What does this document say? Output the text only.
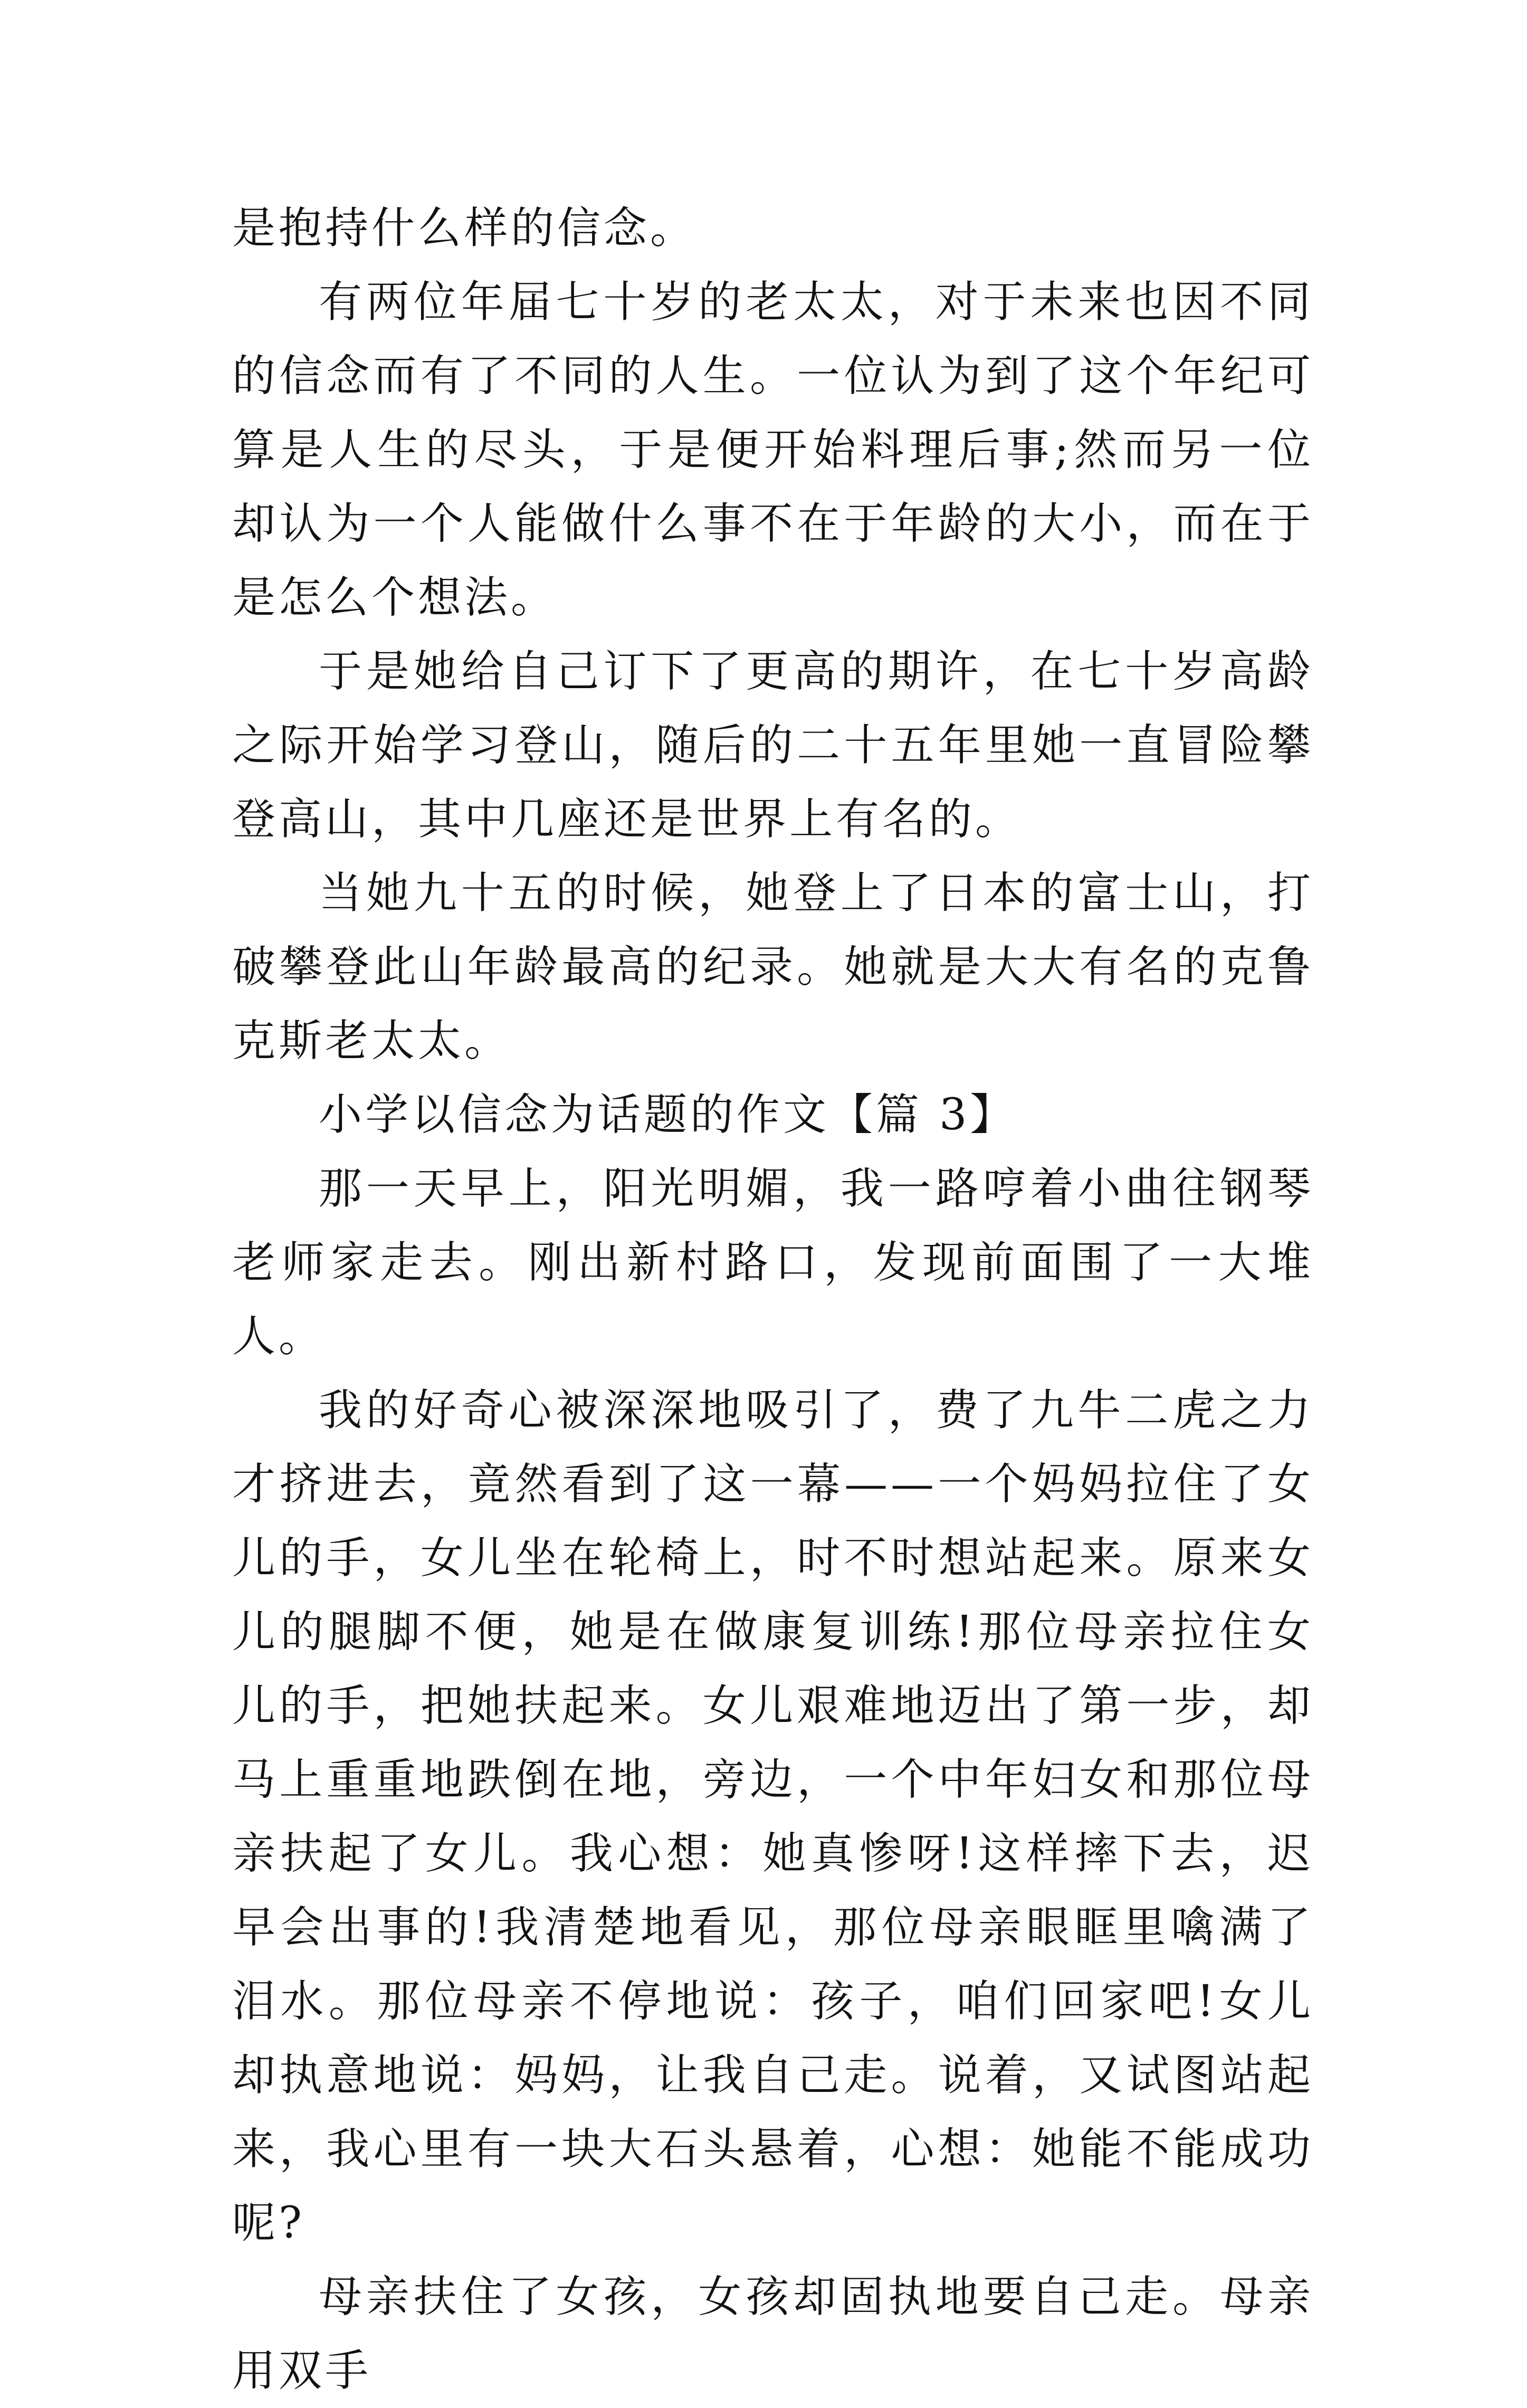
是抱持什么样的信念。

有两位年届七十岁的老太太，对于未来也因不同的信念而有了不同的人生。一位认为到了这个年纪可算是人生的尽头，于是便开始料理后事;然而另一位却认为一个人能做什么事不在于年龄的大小，而在于是怎么个想法。

于是她给自己订下了更高的期许，在七十岁高龄之际开始学习登山，随后的二十五年里她一直冒险攀登高山，其中几座还是世界上有名的。

当她九十五的时候，她登上了日本的富士山，打破攀登此山年龄最高的纪录。她就是大大有名的克鲁克斯老太太。

小学以信念为话题的作文【篇 3】

那一天早上，阳光明媚，我一路哼着小曲往钢琴老师家走去。刚出新村路口，发现前面围了一大堆人。

我的好奇心被深深地吸引了，费了九牛二虎之力才挤进去，竟然看到了这一幕——一个妈妈拉住了女儿的手，女儿坐在轮椅上，时不时想站起来。原来女儿的腿脚不便，她是在做康复训练!那位母亲拉住女儿的手，把她扶起来。女儿艰难地迈出了第一步，却马上重重地跌倒在地，旁边，一个中年妇女和那位母亲扶起了女儿。我心想：她真惨呀!这样摔下去，迟早会出事的!我清楚地看见，那位母亲眼眶里噙满了泪水。那位母亲不停地说：孩子，咱们回家吧!女儿却执意地说：妈妈，让我自己走。说着，又试图站起来，我心里有一块大石头悬着，心想：她能不能成功呢?

母亲扶住了女孩，女孩却固执地要自己走。母亲用双手
